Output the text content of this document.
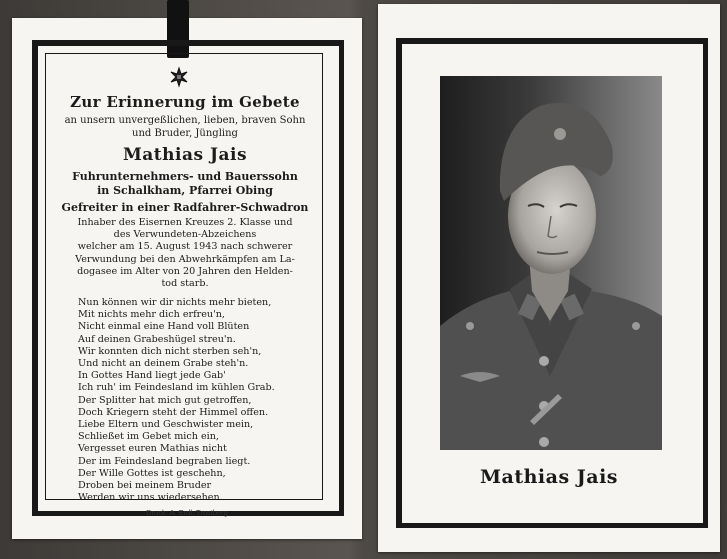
Zur Erinnerung im Gebete
an unsern unvergeßlichen, lieben, braven Sohn
und Bruder, Jüngling
Mathias Jais
Fuhrunternehmers- und Bauerssohn
in Schalkham, Pfarrei Obing
Gefreiter in einer Radfahrer-Schwadron
Inhaber des Eisernen Kreuzes 2. Klasse und
des Verwundeten-Abzeichens
welcher am 15. August 1943 nach schwerer
Verwundung bei den Abwehrkämpfen am La-
dogasee im Alter von 20 Jahren den Helden-
tod starb.
Nun können wir dir nichts mehr bieten,
Mit nichts mehr dich erfreu'n,
Nicht einmal eine Hand voll Blüten
Auf deinen Grabeshügel streu'n.
Wir konnten dich nicht sterben seh'n,
Und nicht an deinem Grabe steh'n.
In Gottes Hand liegt jede Gab'
Ich ruh' im Feindesland im kühlen Grab.
Der Splitter hat mich gut getroffen,
Doch Kriegern steht der Himmel offen.
Liebe Eltern und Geschwister mein,
Schließet im Gebet mich ein,
Vergesset euren Mathias nicht
Der im Feindesland begraben liegt.
Der Wille Gottes ist geschehn,
Droben bei meinem Bruder
Werden wir uns wiedersehen.
Druck: A. Erdl, Trostberg
Mathias Jais
